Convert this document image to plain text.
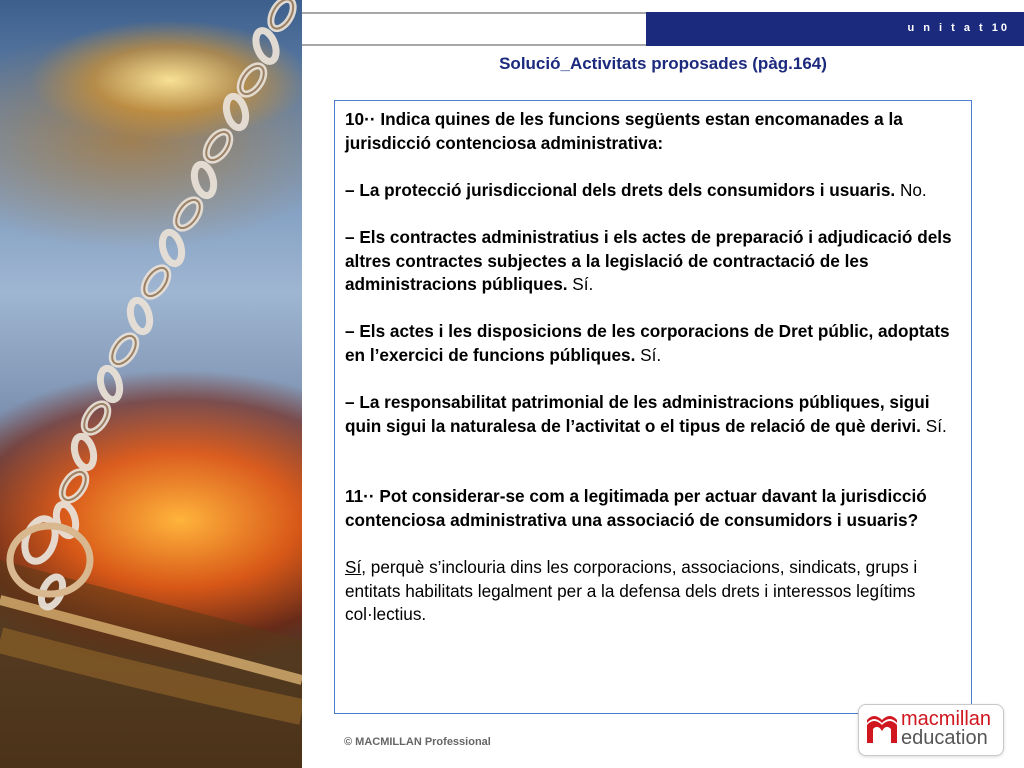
u n i t a t 10
Solució_Activitats proposades (pàg.164)

10·· Indica quines de les funcions següents estan encomanades a la jurisdicció contenciosa administrativa:

– La protecció jurisdiccional dels drets dels consumidors i usuaris. No.

– Els contractes administratius i els actes de preparació i adjudicació dels altres contractes subjectes a la legislació de contractació de les administracions públiques. Sí.

– Els actes i les disposicions de les corporacions de Dret públic, adoptats en l’exercici de funcions públiques. Sí.

– La responsabilitat patrimonial de les administracions públiques, sigui quin sigui la naturalesa de l’activitat o el tipus de relació de què derivi. Sí.

11·· Pot considerar-se com a legitimada per actuar davant la jurisdicció contenciosa administrativa una associació de consumidors i usuaris?

Sí, perquè s’inclouria dins les corporacions, associacions, sindicats, grups i entitats habilitats legalment per a la defensa dels drets i interessos legítims col·lectius.

© MACMILLAN Professional
macmillan
education
